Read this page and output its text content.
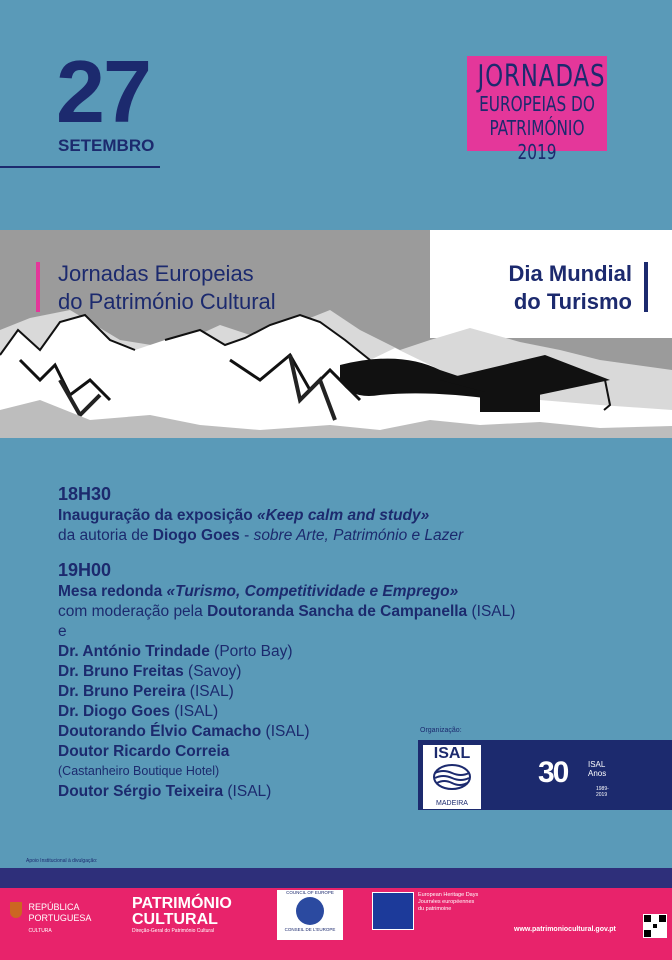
27
SETEMBRO
JORNADAS
EUROPEIAS DO
PATRIMÓNIO 2019
Jornadas Europeias
do Património Cultural
Dia Mundial
do Turismo
18H30
Inauguração da exposição «Keep calm and study»
da autoria de Diogo Goes - sobre Arte, Património e Lazer
19H00
Mesa redonda «Turismo, Competitividade e Emprego»
com moderação pela Doutoranda Sancha de Campanella (ISAL)
e
Dr. António Trindade (Porto Bay)
Dr. Bruno Freitas (Savoy)
Dr. Bruno Pereira (ISAL)
Dr. Diogo Goes (ISAL)
Doutorando Élvio Camacho (ISAL)
Doutor Ricardo Correia
(Castanheiro Boutique Hotel)
Doutor Sérgio Teixeira (ISAL)
Organização:
ISAL
MADEIRA
30	ISAL Anos
1989-2019
Apoio Institucional à divulgação:
REPÚBLICA
PORTUGUESA
CULTURA
PATRIMÓNIO
CULTURAL
Direção-Geral do Património Cultural
COUNCIL OF EUROPE
CONSEIL DE L'EUROPE
European Heritage Days
Journées européennes
du patrimoine
www.patrimoniocultural.gov.pt
